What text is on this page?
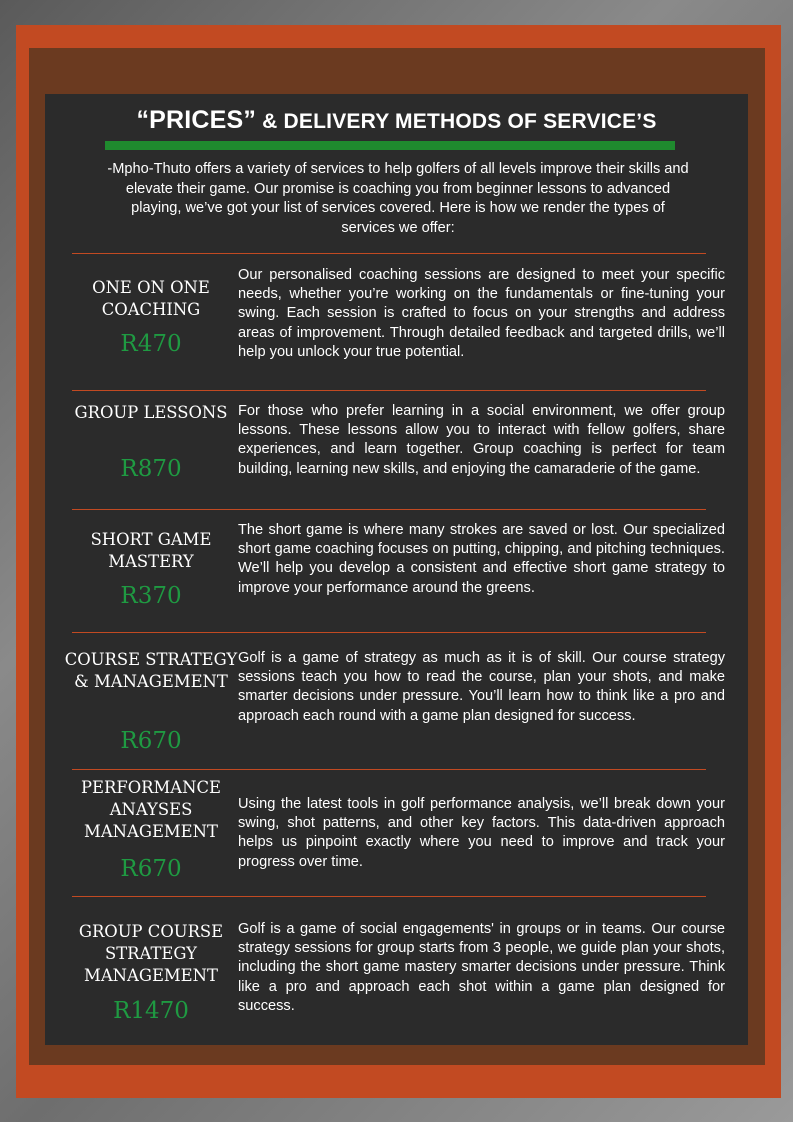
“PRICES” & DELIVERY METHODS OF SERVICE’S
-Mpho-Thuto offers a variety of services to help golfers of all levels improve their skills and elevate their game. Our promise is coaching you from beginner lessons to advanced playing, we’ve got your list of services covered. Here is how we render the types of services we offer:
ONE ON ONE COACHING
R470
Our personalised coaching sessions are designed to meet your specific needs, whether you’re working on the fundamentals or fine-tuning your swing. Each session is crafted to focus on your strengths and address areas of improvement. Through detailed feedback and targeted drills, we’ll help you unlock your true potential.
GROUP LESSONS
R870
For those who prefer learning in a social environment, we offer group lessons. These lessons allow you to interact with fellow golfers, share experiences, and learn together. Group coaching is perfect for team building, learning new skills, and enjoying the camaraderie of the game.
SHORT GAME MASTERY
R370
The short game is where many strokes are saved or lost. Our specialized short game coaching focuses on putting, chipping, and pitching techniques. We’ll help you develop a consistent and effective short game strategy to improve your performance around the greens.
COURSE STRATEGY & MANAGEMENT
R670
Golf is a game of strategy as much as it is of skill. Our course strategy sessions teach you how to read the course, plan your shots, and make smarter decisions under pressure. You’ll learn how to think like a pro and approach each round with a game plan designed for success.
PERFORMANCE ANAYSES MANAGEMENT
R670
Using the latest tools in golf performance analysis, we’ll break down your swing, shot patterns, and other key factors. This data-driven approach helps us pinpoint exactly where you need to improve and track your progress over time.
GROUP COURSE STRATEGY MANAGEMENT
R1470
Golf is a game of social engagements' in groups or in teams. Our course strategy sessions for group starts from 3 people, we guide plan your shots, including the short game mastery smarter decisions under pressure. Think like a pro and approach each shot within a game plan designed for success.
